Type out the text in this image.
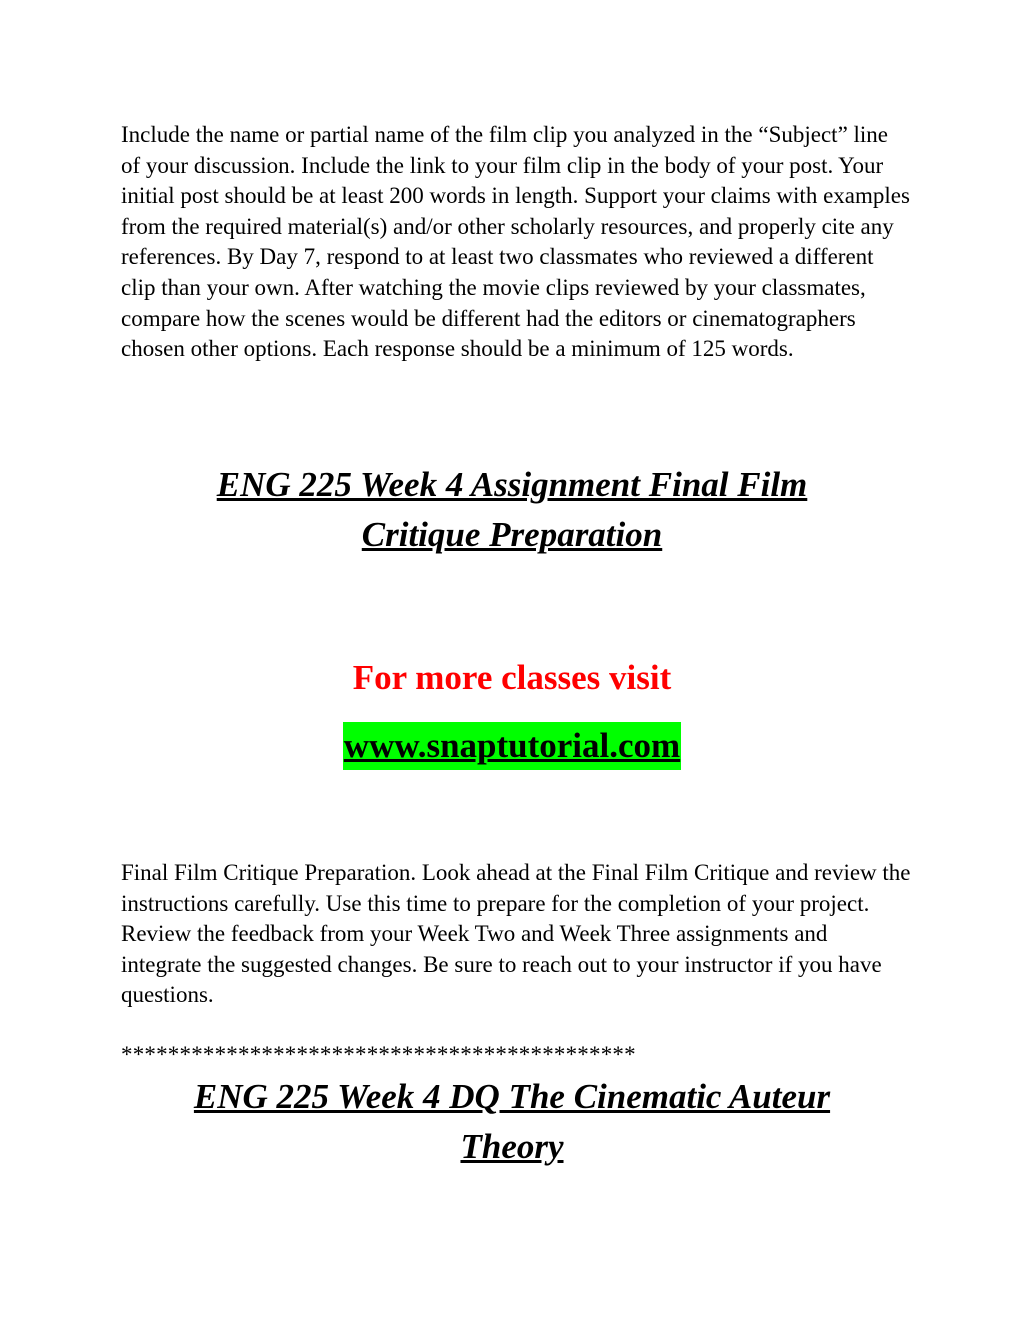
Include the name or partial name of the film clip you analyzed in the “Subject” line of your discussion. Include the link to your film clip in the body of your post. Your initial post should be at least 200 words in length. Support your claims with examples from the required material(s) and/or other scholarly resources, and properly cite any references. By Day 7, respond to at least two classmates who reviewed a different clip than your own. After watching the movie clips reviewed by your classmates, compare how the scenes would be different had the editors or cinematographers chosen other options. Each response should be a minimum of 125 words.

ENG 225 Week 4 Assignment Final Film
Critique Preparation

For more classes visit

www.snaptutorial.com

Final Film Critique Preparation. Look ahead at the Final Film Critique and review the instructions carefully. Use this time to prepare for the completion of your project. Review the feedback from your Week Two and Week Three assignments and integrate the suggested changes. Be sure to reach out to your instructor if you have questions.

********************************************

ENG 225 Week 4 DQ The Cinematic Auteur
Theory
